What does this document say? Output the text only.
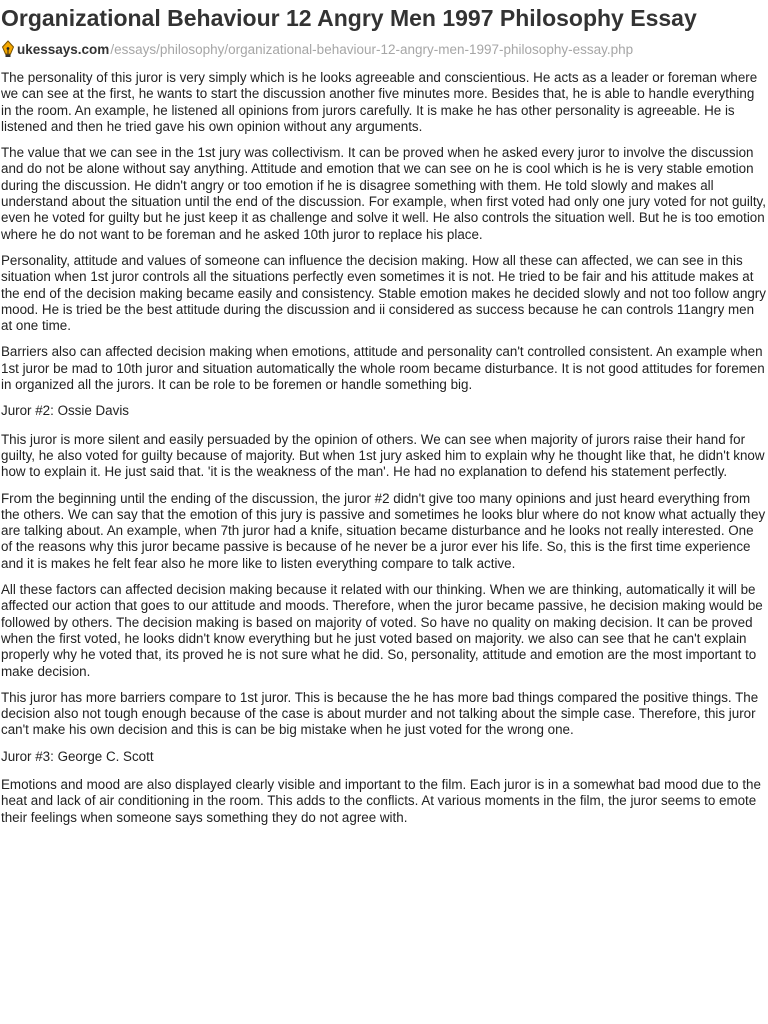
Organizational Behaviour 12 Angry Men 1997 Philosophy Essay
ukessays.com /essays/philosophy/organizational-behaviour-12-angry-men-1997-philosophy-essay.php

The personality of this juror is very simply which is he looks agreeable and conscientious. He acts as a leader or foreman where we can see at the first, he wants to start the discussion another five minutes more. Besides that, he is able to handle everything in the room. An example, he listened all opinions from jurors carefully. It is make he has other personality is agreeable. He is listened and then he tried gave his own opinion without any arguments.

The value that we can see in the 1st jury was collectivism. It can be proved when he asked every juror to involve the discussion and do not be alone without say anything. Attitude and emotion that we can see on he is cool which is he is very stable emotion during the discussion. He didn't angry or too emotion if he is disagree something with them. He told slowly and makes all understand about the situation until the end of the discussion. For example, when first voted had only one jury voted for not guilty, even he voted for guilty but he just keep it as challenge and solve it well. He also controls the situation well. But he is too emotion where he do not want to be foreman and he asked 10th juror to replace his place.

Personality, attitude and values of someone can influence the decision making. How all these can affected, we can see in this situation when 1st juror controls all the situations perfectly even sometimes it is not. He tried to be fair and his attitude makes at the end of the decision making became easily and consistency. Stable emotion makes he decided slowly and not too follow angry mood. He is tried be the best attitude during the discussion and ii considered as success because he can controls 11angry men at one time.

Barriers also can affected decision making when emotions, attitude and personality can't controlled consistent. An example when 1st juror be mad to 10th juror and situation automatically the whole room became disturbance. It is not good attitudes for foremen in organized all the jurors. It can be role to be foremen or handle something big.

Juror #2: Ossie Davis

This juror is more silent and easily persuaded by the opinion of others. We can see when majority of jurors raise their hand for guilty, he also voted for guilty because of majority. But when 1st jury asked him to explain why he thought like that, he didn't know how to explain it. He just said that. 'it is the weakness of the man'. He had no explanation to defend his statement perfectly.

From the beginning until the ending of the discussion, the juror #2 didn't give too many opinions and just heard everything from the others. We can say that the emotion of this jury is passive and sometimes he looks blur where do not know what actually they are talking about. An example, when 7th juror had a knife, situation became disturbance and he looks not really interested. One of the reasons why this juror became passive is because of he never be a juror ever his life. So, this is the first time experience and it is makes he felt fear also he more like to listen everything compare to talk active.

All these factors can affected decision making because it related with our thinking. When we are thinking, automatically it will be affected our action that goes to our attitude and moods. Therefore, when the juror became passive, he decision making would be followed by others. The decision making is based on majority of voted. So have no quality on making decision. It can be proved when the first voted, he looks didn't know everything but he just voted based on majority. we also can see that he can't explain properly why he voted that, its proved he is not sure what he did. So, personality, attitude and emotion are the most important to make decision.

This juror has more barriers compare to 1st juror. This is because the he has more bad things compared the positive things. The decision also not tough enough because of the case is about murder and not talking about the simple case. Therefore, this juror can't make his own decision and this is can be big mistake when he just voted for the wrong one.

Juror #3: George C. Scott

Emotions and mood are also displayed clearly visible and important to the film. Each juror is in a somewhat bad mood due to the heat and lack of air conditioning in the room. This adds to the conflicts. At various moments in the film, the juror seems to emote their feelings when someone says something they do not agree with.
